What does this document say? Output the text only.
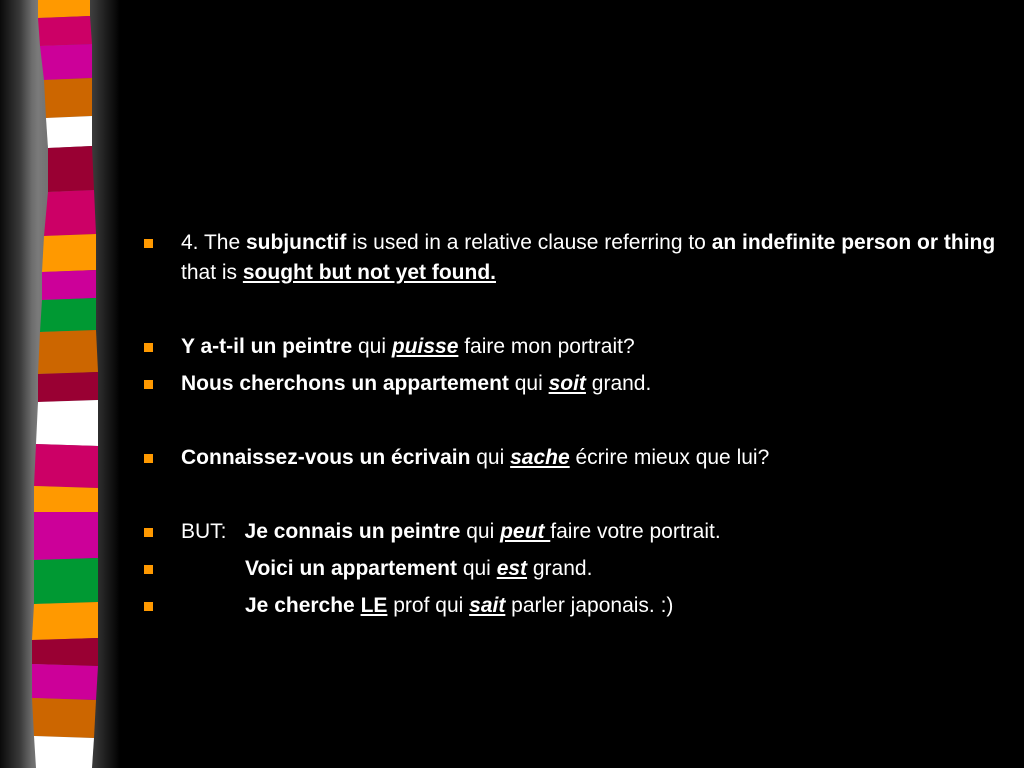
4. The subjunctif is used in a relative clause referring to an indefinite person or thing that is sought but not yet found.
Y a-t-il un peintre qui puisse faire mon portrait?
Nous cherchons un appartement qui soit grand.
Connaissez-vous un écrivain qui sache écrire mieux que lui?
BUT: Je connais un peintre qui peut faire votre portrait.
Voici un appartement qui est grand.
Je cherche LE prof qui sait parler japonais. :)
